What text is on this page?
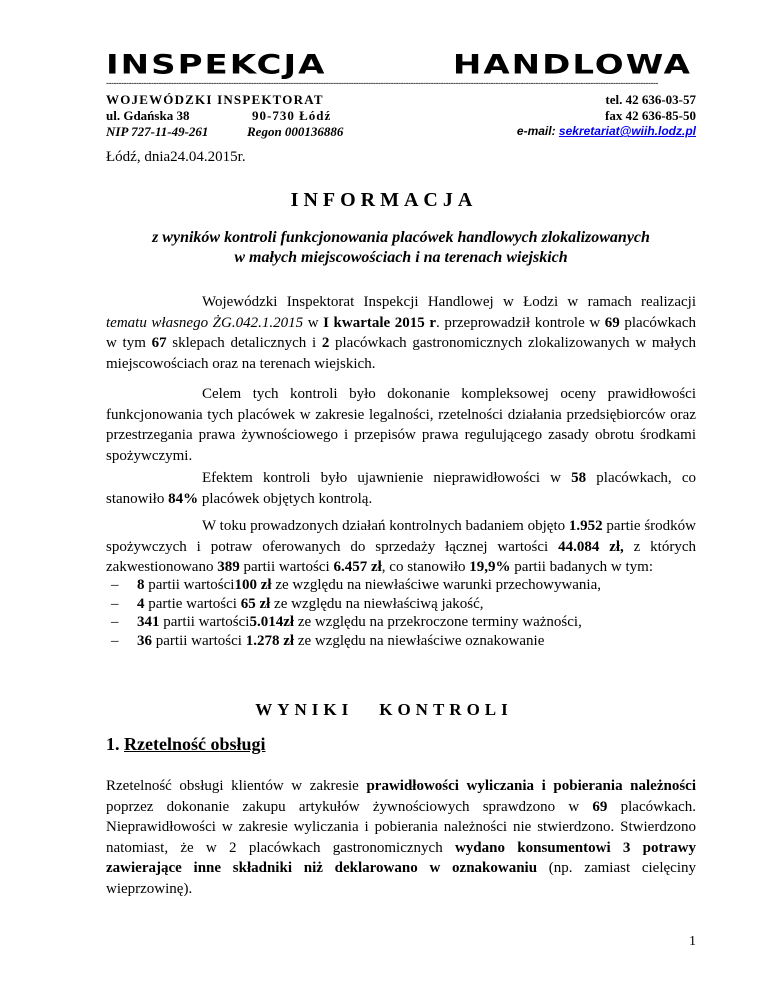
INSPEKCJA	HANDLOWA
-----------------------------------------------------------------------------------------------------------------------------------------------------------------------------------------------------------------------------
WOJEWÓDZKI INSPEKTORAT
ul. Gdańska 38	90-730 Łódź
NIP 727-11-49-261	Regon 000136886
tel. 42 636-03-57
fax 42 636-85-50
e-mail: sekretariat@wiih.lodz.pl
Łódź, dnia24.04.2015r.
INFORMACJA
z wyników kontroli funkcjonowania placówek handlowych zlokalizowanych
w małych miejscowościach i na terenach wiejskich

Wojewódzki Inspektorat Inspekcji Handlowej w Łodzi w ramach realizacji tematu własnego ŻG.042.1.2015 w I kwartale 2015 r. przeprowadził kontrole w 69 placówkach w tym 67 sklepach detalicznych i 2 placówkach gastronomicznych zlokalizowanych w małych miejscowościach oraz na terenach wiejskich.

Celem tych kontroli było dokonanie kompleksowej oceny prawidłowości funkcjonowania tych placówek w zakresie legalności, rzetelności działania przedsiębiorców oraz przestrzegania prawa żywnościowego i przepisów prawa regulującego zasady obrotu środkami spożywczymi.

Efektem kontroli było ujawnienie nieprawidłowości w 58 placówkach, co stanowiło 84% placówek objętych kontrolą.

W toku prowadzonych działań kontrolnych badaniem objęto 1.952 partie środków spożywczych i potraw oferowanych do sprzedaży łącznej wartości 44.084 zł, z których zakwestionowano 389 partii wartości 6.457 zł, co stanowiło 19,9% partii badanych w tym:

– 8 partii wartości100 zł ze względu na niewłaściwe warunki przechowywania,
– 4 partie wartości 65 zł ze względu na niewłaściwą jakość,
– 341 partii wartości5.014zł ze względu na przekroczone terminy ważności,
– 36 partii wartości 1.278 zł ze względu na niewłaściwe oznakowanie
WYNIKI KONTROLI
1. Rzetelność obsługi

Rzetelność obsługi klientów w zakresie prawidłowości wyliczania i pobierania należności poprzez dokonanie zakupu artykułów żywnościowych sprawdzono w 69 placówkach. Nieprawidłowości w zakresie wyliczania i pobierania należności nie stwierdzono. Stwierdzono natomiast, że w 2 placówkach gastronomicznych wydano konsumentowi 3 potrawy zawierające inne składniki niż deklarowano w oznakowaniu (np. zamiast cielęciny wieprzowinę).

1
